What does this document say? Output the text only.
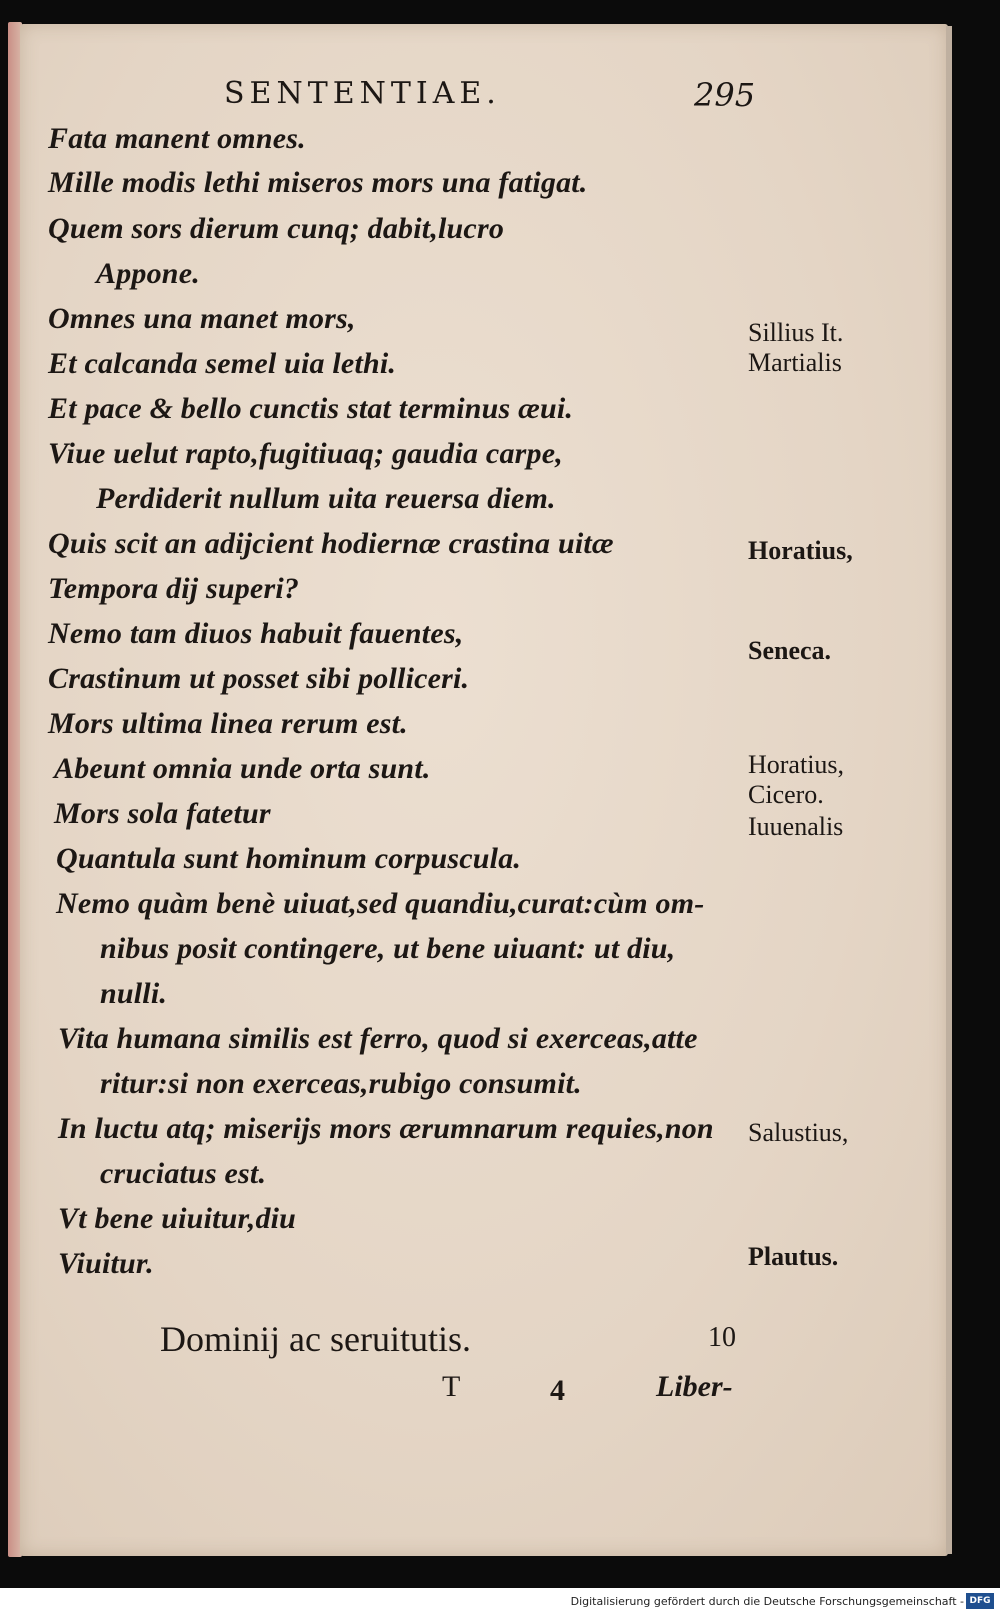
SENTENTIAE.	295
Fata manent omnes.
Mille modis lethi miseros mors una fatigat.
Quem sors dierum cunq; dabit,lucro
Appone.
Omnes una manet mors,
Et calcanda semel uia lethi.
Et pace & bello cunctis stat terminus æui.
Viue uelut rapto,fugitiuaq; gaudia carpe,
Perdiderit nullum uita reuersa diem.
Quis scit an adijcient hodiernæ crastina uitæ
Tempora dij superi?
Nemo tam diuos habuit fauentes,
Crastinum ut posset sibi polliceri.
Mors ultima linea rerum est.
Abeunt omnia unde orta sunt.
Mors sola fatetur
Quantula sunt hominum corpuscula.
Nemo quàm benè uiuat,sed quandiu,curat:cùm om-
nibus posit contingere, ut bene uiuant: ut diu,
nulli.
Vita humana similis est ferro, quod si exerceas,atte
ritur:si non exerceas,rubigo consumit.
In luctu atq; miserijs mors ærumnarum requies,non
cruciatus est.
Vt bene uiuitur,diu
Viuitur.
Sillius It.
Martialis
Horatius,
Seneca.
Horatius,
Cicero.
Iuuenalis
Salustius,
Plautus.
Dominij ac seruitutis.	10
T	4	Liber-
Digitalisierung gefördert durch die Deutsche Forschungsgemeinschaft - DFG
